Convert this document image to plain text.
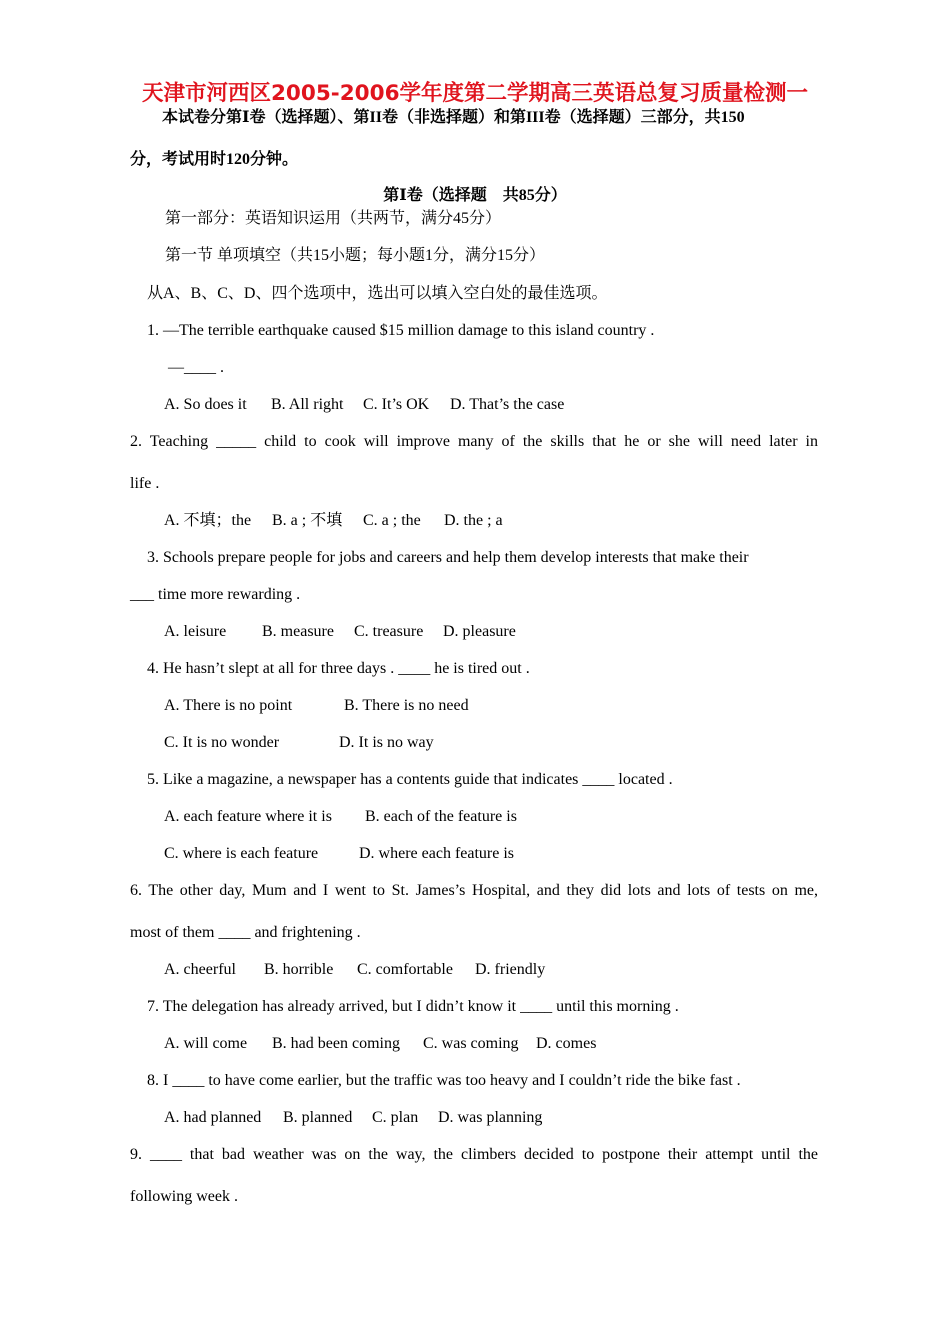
天津市河西区2005-2006学年度第二学期高三英语总复习质量检测一
本试卷分第Ⅰ卷（选择题）、第II卷（非选择题）和第III卷（选择题）三部分，共150
分，考试用时120分钟。
第Ⅰ卷（选择题　共85分）
第一部分：英语知识运用（共两节，满分45分）
第一节 单项填空（共15小题；每小题1分，满分15分）
从A、B、C、D、四个选项中，选出可以填入空白处的最佳选项。
1. —The terrible earthquake caused $15 million damage to this island country .
—____ .
A. So does it B. All right C. It’s OK D. That’s the case
2. Teaching _____ child to cook will improve many of the skills that he or she will need later in
life .
A. 不填；the B. a ; 不填 C. a ; the D. the ; a
3. Schools prepare people for jobs and careers and help them develop interests that make their
___ time more rewarding .
A. leisure B. measure C. treasure D. pleasure
4. He hasn’t slept at all for three days . ____ he is tired out .
A. There is no point	B. There is no need
C. It is no wonder	D. It is no way
5. Like a magazine, a newspaper has a contents guide that indicates ____ located .
A. each feature where it is B. each of the feature is
C. where is each feature	D. where each feature is
6. The other day, Mum and I went to St. James’s Hospital, and they did lots and lots of tests on me,
most of them ____ and frightening .
A. cheerful B. horrible C. comfortable D. friendly
7. The delegation has already arrived, but I didn’t know it ____ until this morning .
A. will come B. had been coming C. was coming D. comes
8. I ____ to have come earlier, but the traffic was too heavy and I couldn’t ride the bike fast .
A. had planned B. planned C. plan D. was planning
9. ____ that bad weather was on the way, the climbers decided to postpone their attempt until the
following week .
